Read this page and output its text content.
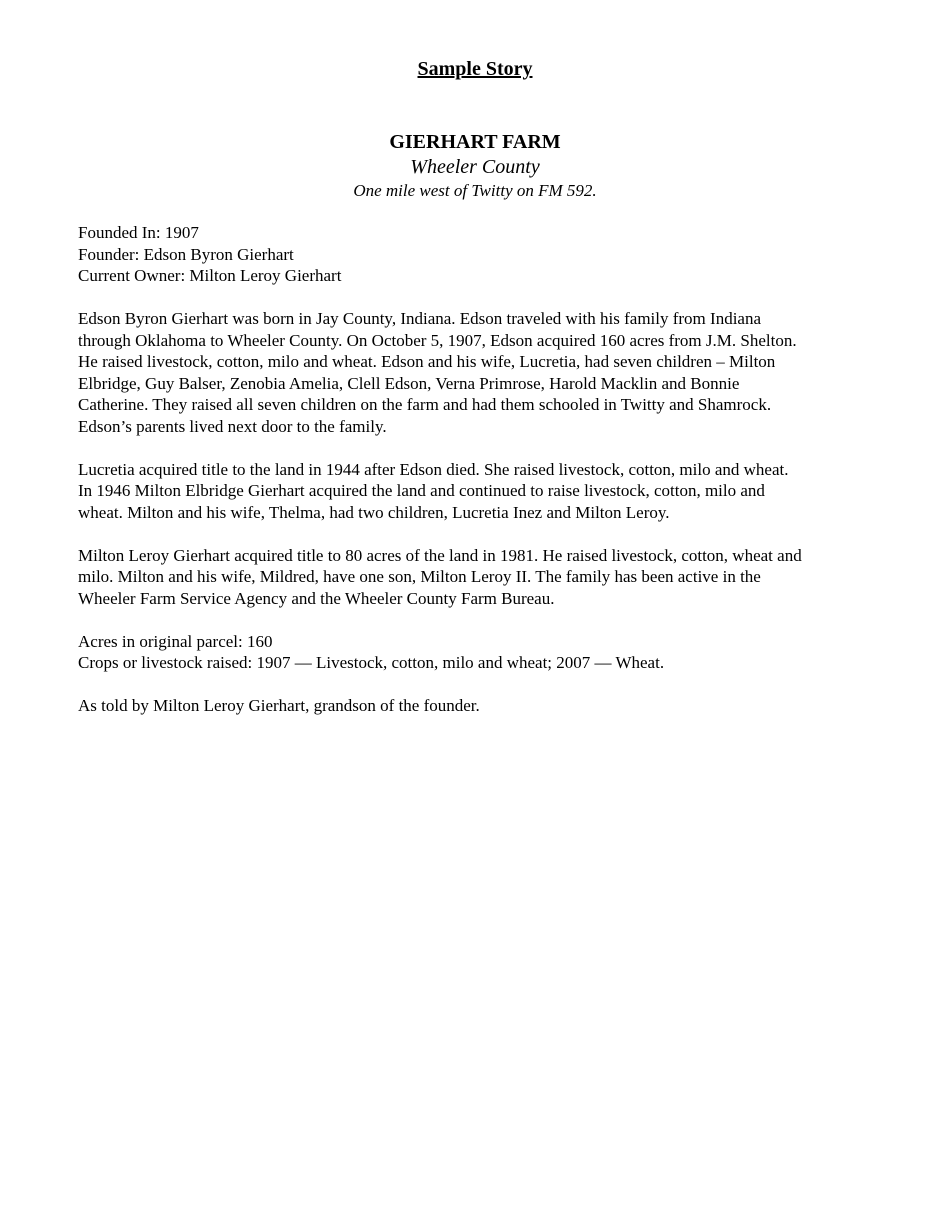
Sample Story
GIERHART FARM
Wheeler County
One mile west of Twitty on FM 592.

Founded In: 1907
Founder: Edson Byron Gierhart
Current Owner: Milton Leroy Gierhart

Edson Byron Gierhart was born in Jay County, Indiana. Edson traveled with his family from Indiana
through Oklahoma to Wheeler County. On October 5, 1907, Edson acquired 160 acres from J.M. Shelton.
He raised livestock, cotton, milo and wheat. Edson and his wife, Lucretia, had seven children – Milton
Elbridge, Guy Balser, Zenobia Amelia, Clell Edson, Verna Primrose, Harold Macklin and Bonnie
Catherine. They raised all seven children on the farm and had them schooled in Twitty and Shamrock.
Edson’s parents lived next door to the family.

Lucretia acquired title to the land in 1944 after Edson died. She raised livestock, cotton, milo and wheat.
In 1946 Milton Elbridge Gierhart acquired the land and continued to raise livestock, cotton, milo and
wheat. Milton and his wife, Thelma, had two children, Lucretia Inez and Milton Leroy.

Milton Leroy Gierhart acquired title to 80 acres of the land in 1981. He raised livestock, cotton, wheat and
milo. Milton and his wife, Mildred, have one son, Milton Leroy II. The family has been active in the
Wheeler Farm Service Agency and the Wheeler County Farm Bureau.

Acres in original parcel: 160
Crops or livestock raised: 1907 — Livestock, cotton, milo and wheat; 2007 — Wheat.

As told by Milton Leroy Gierhart, grandson of the founder.
